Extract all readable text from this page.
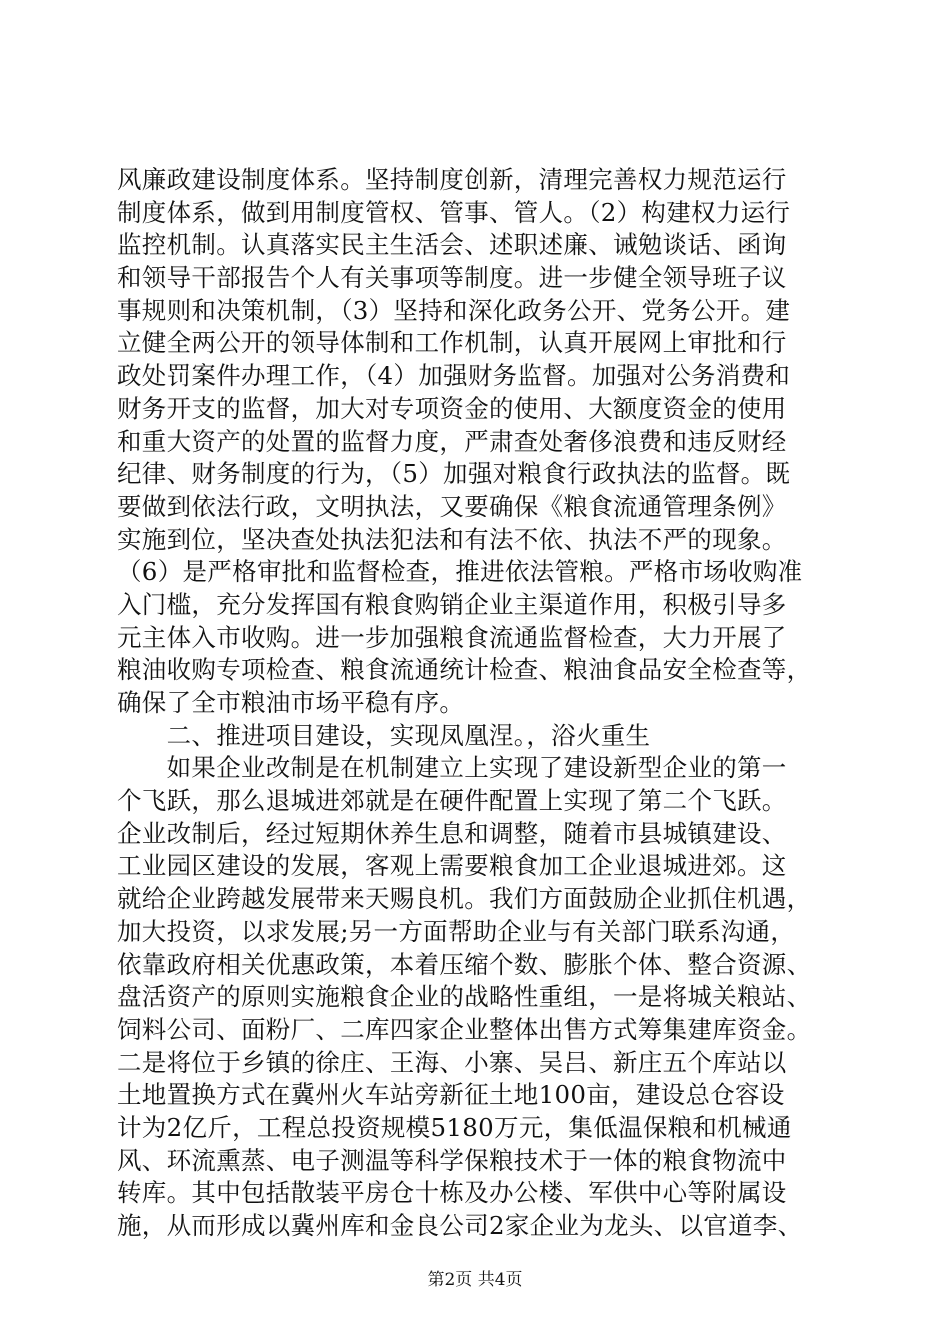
风廉政建设制度体系。坚持制度创新，清理完善权力规范运行
制度体系，做到用制度管权、管事、管人。（2）构建权力运行
监控机制。认真落实民主生活会、述职述廉、诫勉谈话、函询
和领导干部报告个人有关事项等制度。进一步健全领导班子议
事规则和决策机制，（3）坚持和深化政务公开、党务公开。建
立健全两公开的领导体制和工作机制，认真开展网上审批和行
政处罚案件办理工作，（4）加强财务监督。加强对公务消费和
财务开支的监督，加大对专项资金的使用、大额度资金的使用
和重大资产的处置的监督力度，严肃查处奢侈浪费和违反财经
纪律、财务制度的行为，（5）加强对粮食行政执法的监督。既
要做到依法行政，文明执法，又要确保《粮食流通管理条例》
实施到位，坚决查处执法犯法和有法不依、执法不严的现象。
（6）是严格审批和监督检查，推进依法管粮。严格市场收购准
入门槛，充分发挥国有粮食购销企业主渠道作用，积极引导多
元主体入市收购。进一步加强粮食流通监督检查，大力开展了
粮油收购专项检查、粮食流通统计检查、粮油食品安全检查等，
确保了全市粮油市场平稳有序。
　　二、推进项目建设，实现凤凰涅。，浴火重生
　　如果企业改制是在机制建立上实现了建设新型企业的第一
个飞跃，那么退城进郊就是在硬件配置上实现了第二个飞跃。
企业改制后，经过短期休养生息和调整，随着市县城镇建设、
工业园区建设的发展，客观上需要粮食加工企业退城进郊。这
就给企业跨越发展带来天赐良机。我们方面鼓励企业抓住机遇，
加大投资，以求发展;另一方面帮助企业与有关部门联系沟通，
依靠政府相关优惠政策，本着压缩个数、膨胀个体、整合资源、
盘活资产的原则实施粮食企业的战略性重组，一是将城关粮站、
饲料公司、面粉厂、二库四家企业整体出售方式筹集建库资金。
二是将位于乡镇的徐庄、王海、小寨、吴吕、新庄五个库站以
土地置换方式在冀州火车站旁新征土地100亩，建设总仓容设
计为2亿斤，工程总投资规模5180万元，集低温保粮和机械通
风、环流熏蒸、电子测温等科学保粮技术于一体的粮食物流中
转库。其中包括散装平房仓十栋及办公楼、军供中心等附属设
施，从而形成以冀州库和金良公司2家企业为龙头、以官道李、
第2页 共4页
